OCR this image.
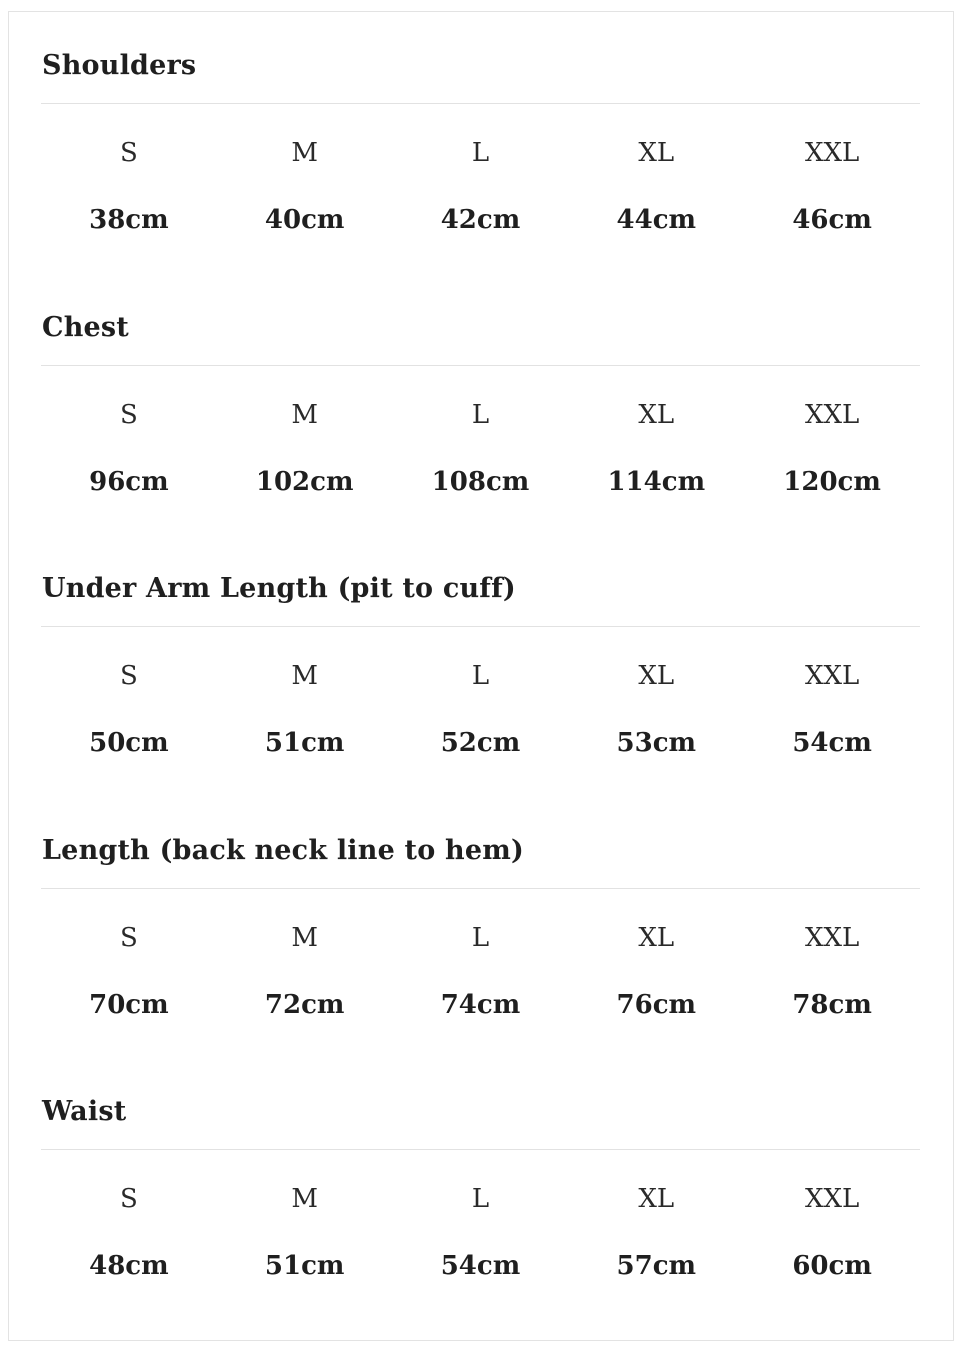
Shoulders
S	M	L	XL	XXL
38cm	40cm	42cm	44cm	46cm
Chest
S	M	L	XL	XXL
96cm	102cm	108cm	114cm	120cm
Under Arm Length (pit to cuff)
S	M	L	XL	XXL
50cm	51cm	52cm	53cm	54cm
Length (back neck line to hem)
S	M	L	XL	XXL
70cm	72cm	74cm	76cm	78cm
Waist
S	M	L	XL	XXL
48cm	51cm	54cm	57cm	60cm
